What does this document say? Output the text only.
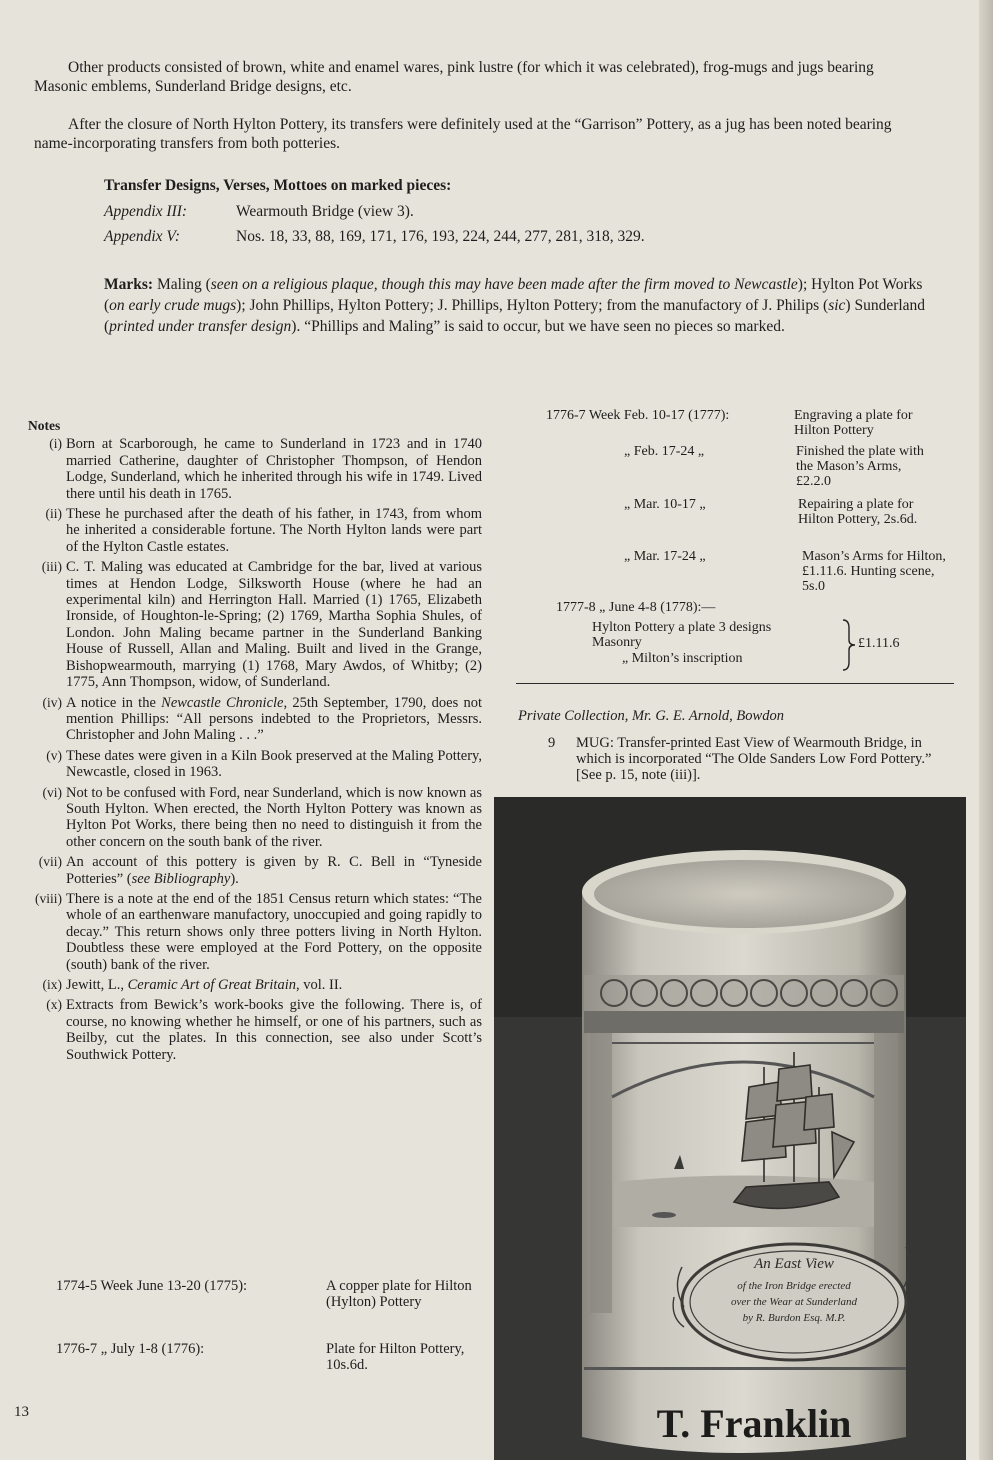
Other products consisted of brown, white and enamel wares, pink lustre (for which it was celebrated), frog-mugs and jugs bearing Masonic emblems, Sunderland Bridge designs, etc.

After the closure of North Hylton Pottery, its transfers were definitely used at the “Garrison” Pottery, as a jug has been noted bearing name-incorporating transfers from both potteries.

Transfer Designs, Verses, Mottoes on marked pieces:
Appendix III:	Wearmouth Bridge (view 3).
Appendix V:	Nos. 18, 33, 88, 169, 171, 176, 193, 224, 244, 277, 281, 318, 329.

Marks: Maling (seen on a religious plaque, though this may have been made after the firm moved to Newcastle); Hylton Pot Works (on early crude mugs); John Phillips, Hylton Pottery; J. Phillips, Hylton Pottery; from the manufactory of J. Philips (sic) Sunderland (printed under transfer design). “Phillips and Maling” is said to occur, but we have seen no pieces so marked.

Notes
(i) Born at Scarborough, he came to Sunderland in 1723 and in 1740 married Catherine, daughter of Christopher Thompson, of Hendon Lodge, Sunderland, which he inherited through his wife in 1749. Lived there until his death in 1765.
(ii) These he purchased after the death of his father, in 1743, from whom he inherited a considerable fortune. The North Hylton lands were part of the Hylton Castle estates.
(iii) C. T. Maling was educated at Cambridge for the bar, lived at various times at Hendon Lodge, Silksworth House (where he had an experimental kiln) and Herrington Hall. Married (1) 1765, Elizabeth Ironside, of Houghton-le-Spring; (2) 1769, Martha Sophia Shules, of London. John Maling became partner in the Sunderland Banking House of Russell, Allan and Maling. Built and lived in the Grange, Bishopwearmouth, marrying (1) 1768, Mary Awdos, of Whitby; (2) 1775, Ann Thompson, widow, of Sunderland.
(iv) A notice in the Newcastle Chronicle, 25th September, 1790, does not mention Phillips: “All persons indebted to the Proprietors, Messrs. Christopher and John Maling . . .”
(v) These dates were given in a Kiln Book preserved at the Maling Pottery, Newcastle, closed in 1963.
(vi) Not to be confused with Ford, near Sunderland, which is now known as South Hylton. When erected, the North Hylton Pottery was known as Hylton Pot Works, there being then no need to distinguish it from the other concern on the south bank of the river.
(vii) An account of this pottery is given by R. C. Bell in “Tyneside Potteries” (see Bibliography).
(viii) There is a note at the end of the 1851 Census return which states: “The whole of an earthenware manufactory, unoccupied and going rapidly to decay.” This return shows only three potters living in North Hylton. Doubtless these were employed at the Ford Pottery, on the opposite (south) bank of the river.
(ix) Jewitt, L., Ceramic Art of Great Britain, vol. II.
(x) Extracts from Bewick’s work-books give the following. There is, of course, no knowing whether he himself, or one of his partners, such as Beilby, cut the plates. In this connection, see also under Scott’s Southwick Pottery.
1774-5 Week June 13-20 (1775):	A copper plate for Hilton (Hylton) Pottery
1776-7 „ July 1-8 (1776):	Plate for Hilton Pottery, 10s.6d.
1776-7 Week Feb. 10-17 (1777):	Engraving a plate for Hilton Pottery
„ Feb. 17-24 „	Finished the plate with the Mason’s Arms, £2.2.0
„ Mar. 10-17 „	Repairing a plate for Hilton Pottery, 2s.6d.
„ Mar. 17-24 „	Mason’s Arms for Hilton, £1.11.6. Hunting scene, 5s.0
1777-8 „ June 4-8 (1778):—
Hylton Pottery a plate 3 designs
Masonry
„ Milton’s inscription
£1.11.6
Private Collection, Mr. G. E. Arnold, Bowdon
9	MUG: Transfer-printed East View of Wearmouth Bridge, in which is incorporated “The Olde Sanders Low Ford Pottery.” [See p. 15, note (iii)].
An East View
of the Iron Bridge erected
over the Wear at Sunderland
by R. Burdon Esq. M.P.
T. Franklin
13
